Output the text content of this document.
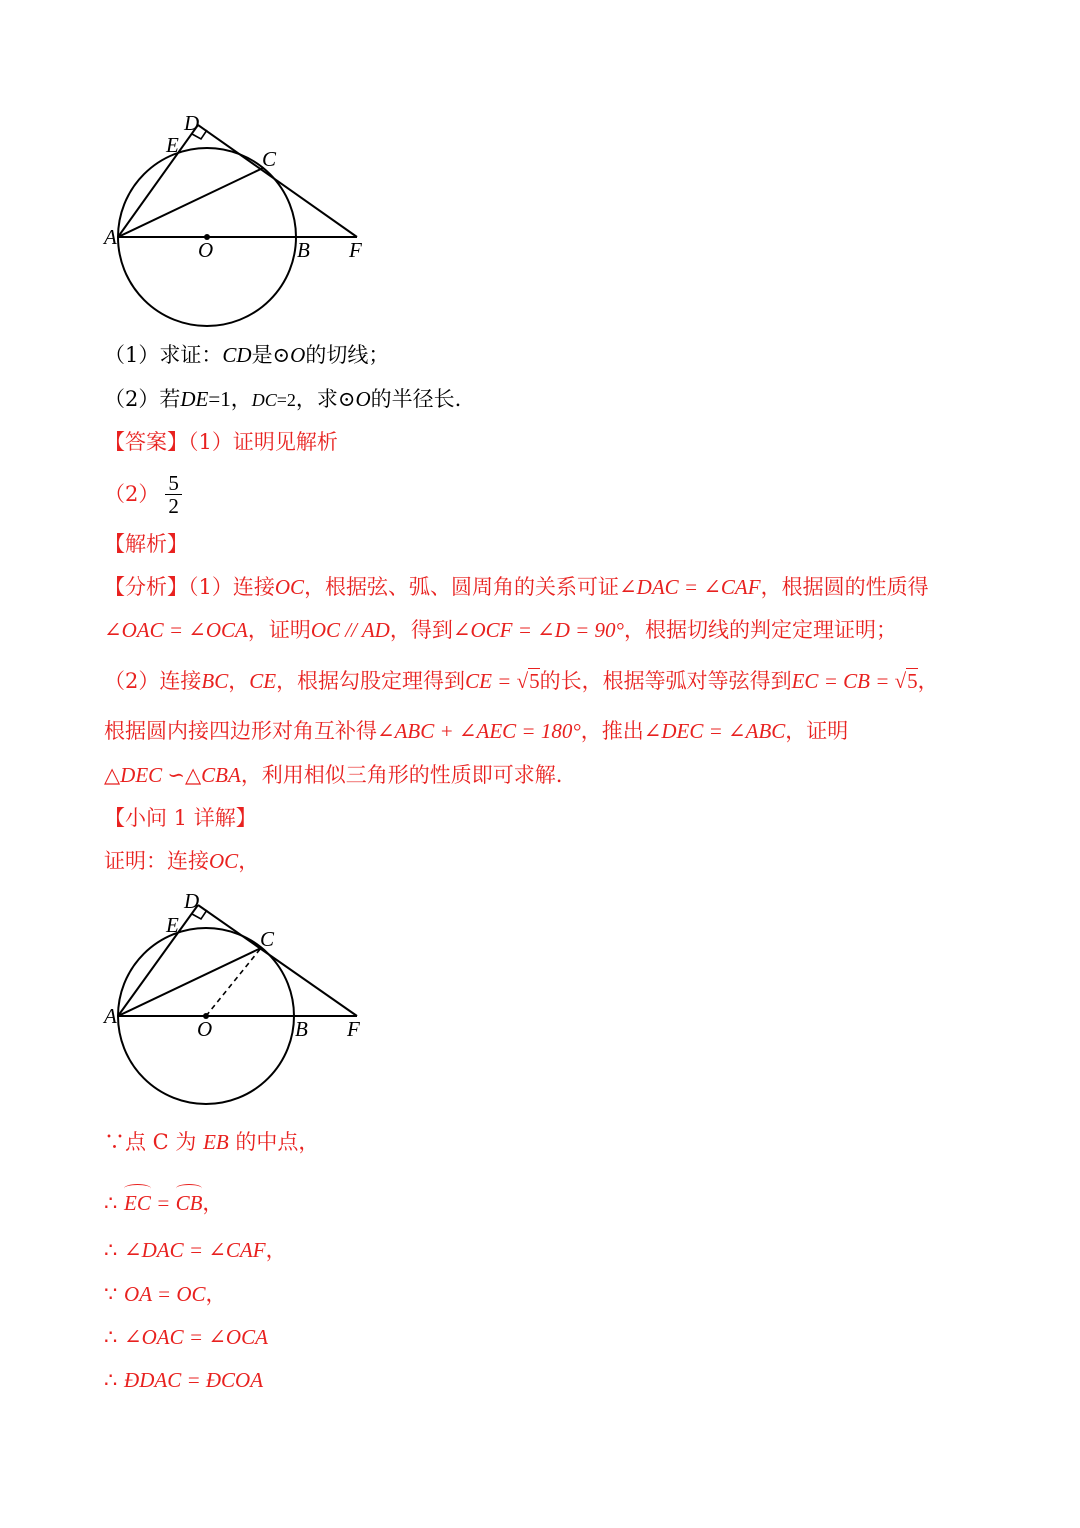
A
O	B F
C
D
E
（1）求证：CD是⊙O的切线；
（2）若DE=1，DC=2，求⊙O的半径长.
【答案】（1）证明见解析
$(2) \frac{5}{2}$
【解析】
【分析】（1）连接OC，根据弦、弧、圆周角的关系可证∠DAC = ∠CAF，根据圆的性质得
∠OAC = ∠OCA，证明OC // AD，得到∠OCF = ∠D = 90°，根据切线的判定定理证明；
（2）连接BC，CE，根据勾股定理得到CE = √5的长，根据等弧对等弦得到EC = CB = √5，
根据圆内接四边形对角互补得∠ABC + ∠AEC = 180°，推出∠DEC = ∠ABC，证明
△DEC ∽△CBA，利用相似三角形的性质即可求解.
【小问 1 详解】
证明：连接OC，
A
O	B F
C
D
E
∵点 C 为 EB 的中点，
∴ EC = CB，
∴ ∠DAC = ∠CAF，
∵ OA = OC，
∴ ∠OAC = ∠OCA
∴ ÐDAC = ÐCOA
